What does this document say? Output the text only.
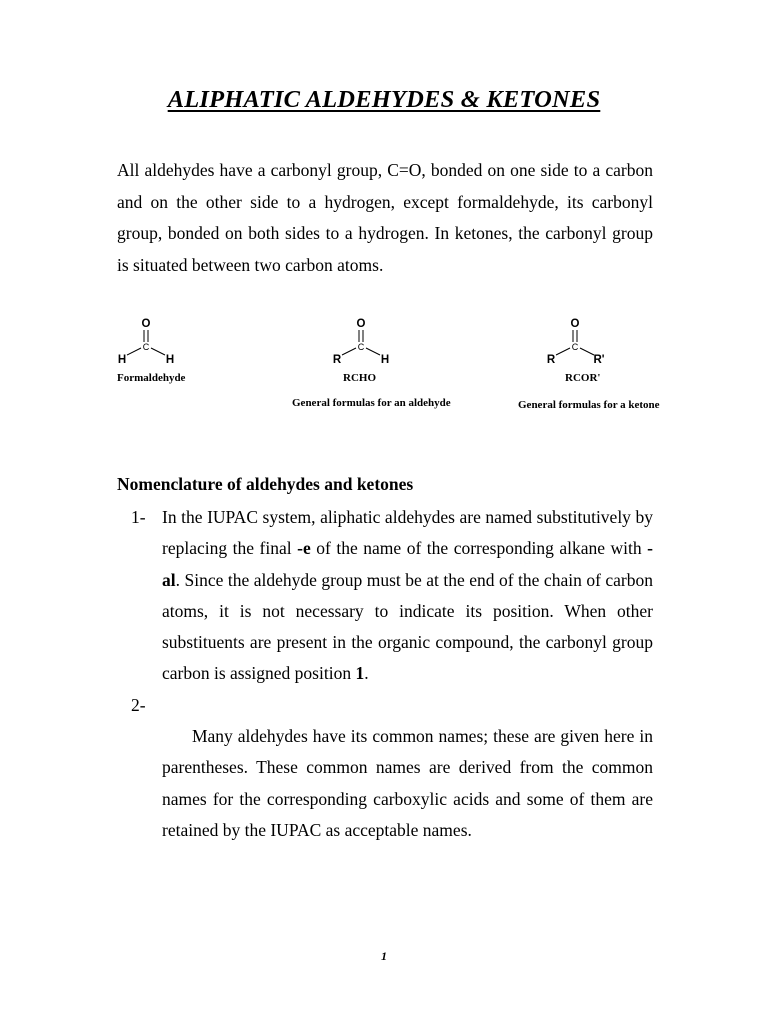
ALIPHATIC ALDEHYDES & KETONES

All aldehydes have a carbonyl group, C=O, bonded on one side to a carbon and on the other side to a hydrogen, except formaldehyde, its carbonyl group, bonded on both sides to a hydrogen. In ketones, the carbonyl group is situated between two carbon atoms.

O
C
H	H
Formaldehyde
O
C
R	H
RCHO
General formulas for an aldehyde
O
C
R	R'
RCOR'
General formulas for a ketone
Nomenclature of aldehydes and ketones
1- In the IUPAC system, aliphatic aldehydes are named substitutively by replacing the final -e of the name of the corresponding alkane with -al. Since the aldehyde group must be at the end of the chain of carbon atoms, it is not necessary to indicate its position. When other substituents are present in the organic compound, the carbonyl group carbon is assigned position 1.

2-
Many aldehydes have its common names; these are given here in       parentheses. These common names are derived from the common names for the corresponding carboxylic acids and some of them are retained by the IUPAC as acceptable names.

1
